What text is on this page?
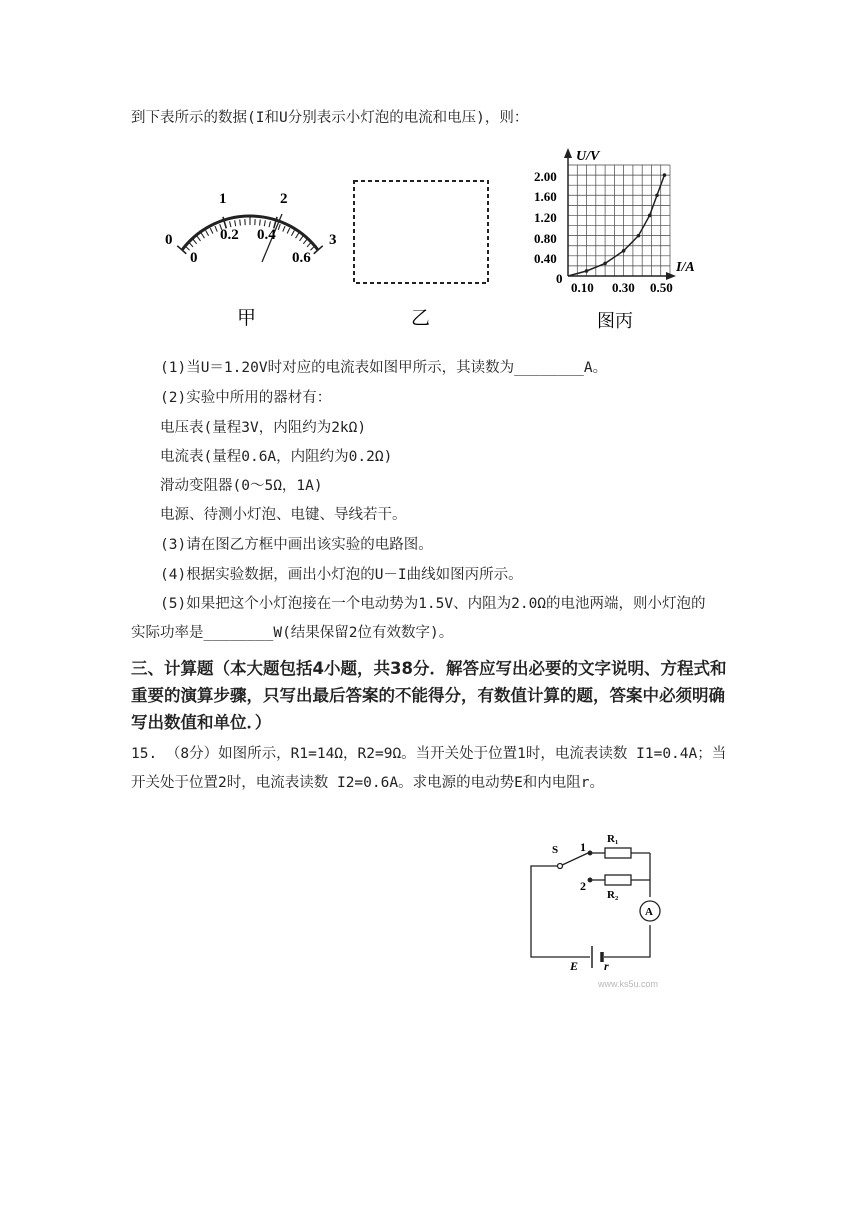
到下表所示的数据(I和U分别表示小灯泡的电流和电压)，则：
(1)当U＝1.20V时对应的电流表如图甲所示，其读数为________A。
(2)实验中所用的器材有：
电压表(量程3V，内阻约为2kΩ)
电流表(量程0.6A，内阻约为0.2Ω)
滑动变阻器(0～5Ω，1A)
电源、待测小灯泡、电键、导线若干。
(3)请在图乙方框中画出该实验的电路图。
(4)根据实验数据，画出小灯泡的U－I曲线如图丙所示。
(5)如果把这个小灯泡接在一个电动势为1.5V、内阻为2.0Ω的电池两端，则小灯泡的
实际功率是________W(结果保留2位有效数字)。
三、计算题（本大题包括4小题，共38分．解答应写出必要的文字说明、方程式和重要的演算步骤，只写出最后答案的不能得分，有数值计算的题，答案中必须明确写出数值和单位．）
15. （8分）如图所示，R1=14Ω，R2=9Ω。当开关处于位置1时，电流表读数 I1=0.4A；当
开关处于位置2时，电流表读数 I2=0.6A。求电源的电动势E和内电阻r。
0
1	2
3
0
0.2 0.4
0.6
甲	乙
U/V
I/A
0
2.00
1.60
1.20
0.80
0.40
0.10 0.30 0.50
图丙
S 1
2
R₁
R₂
A
E r
www.ks5u.com
